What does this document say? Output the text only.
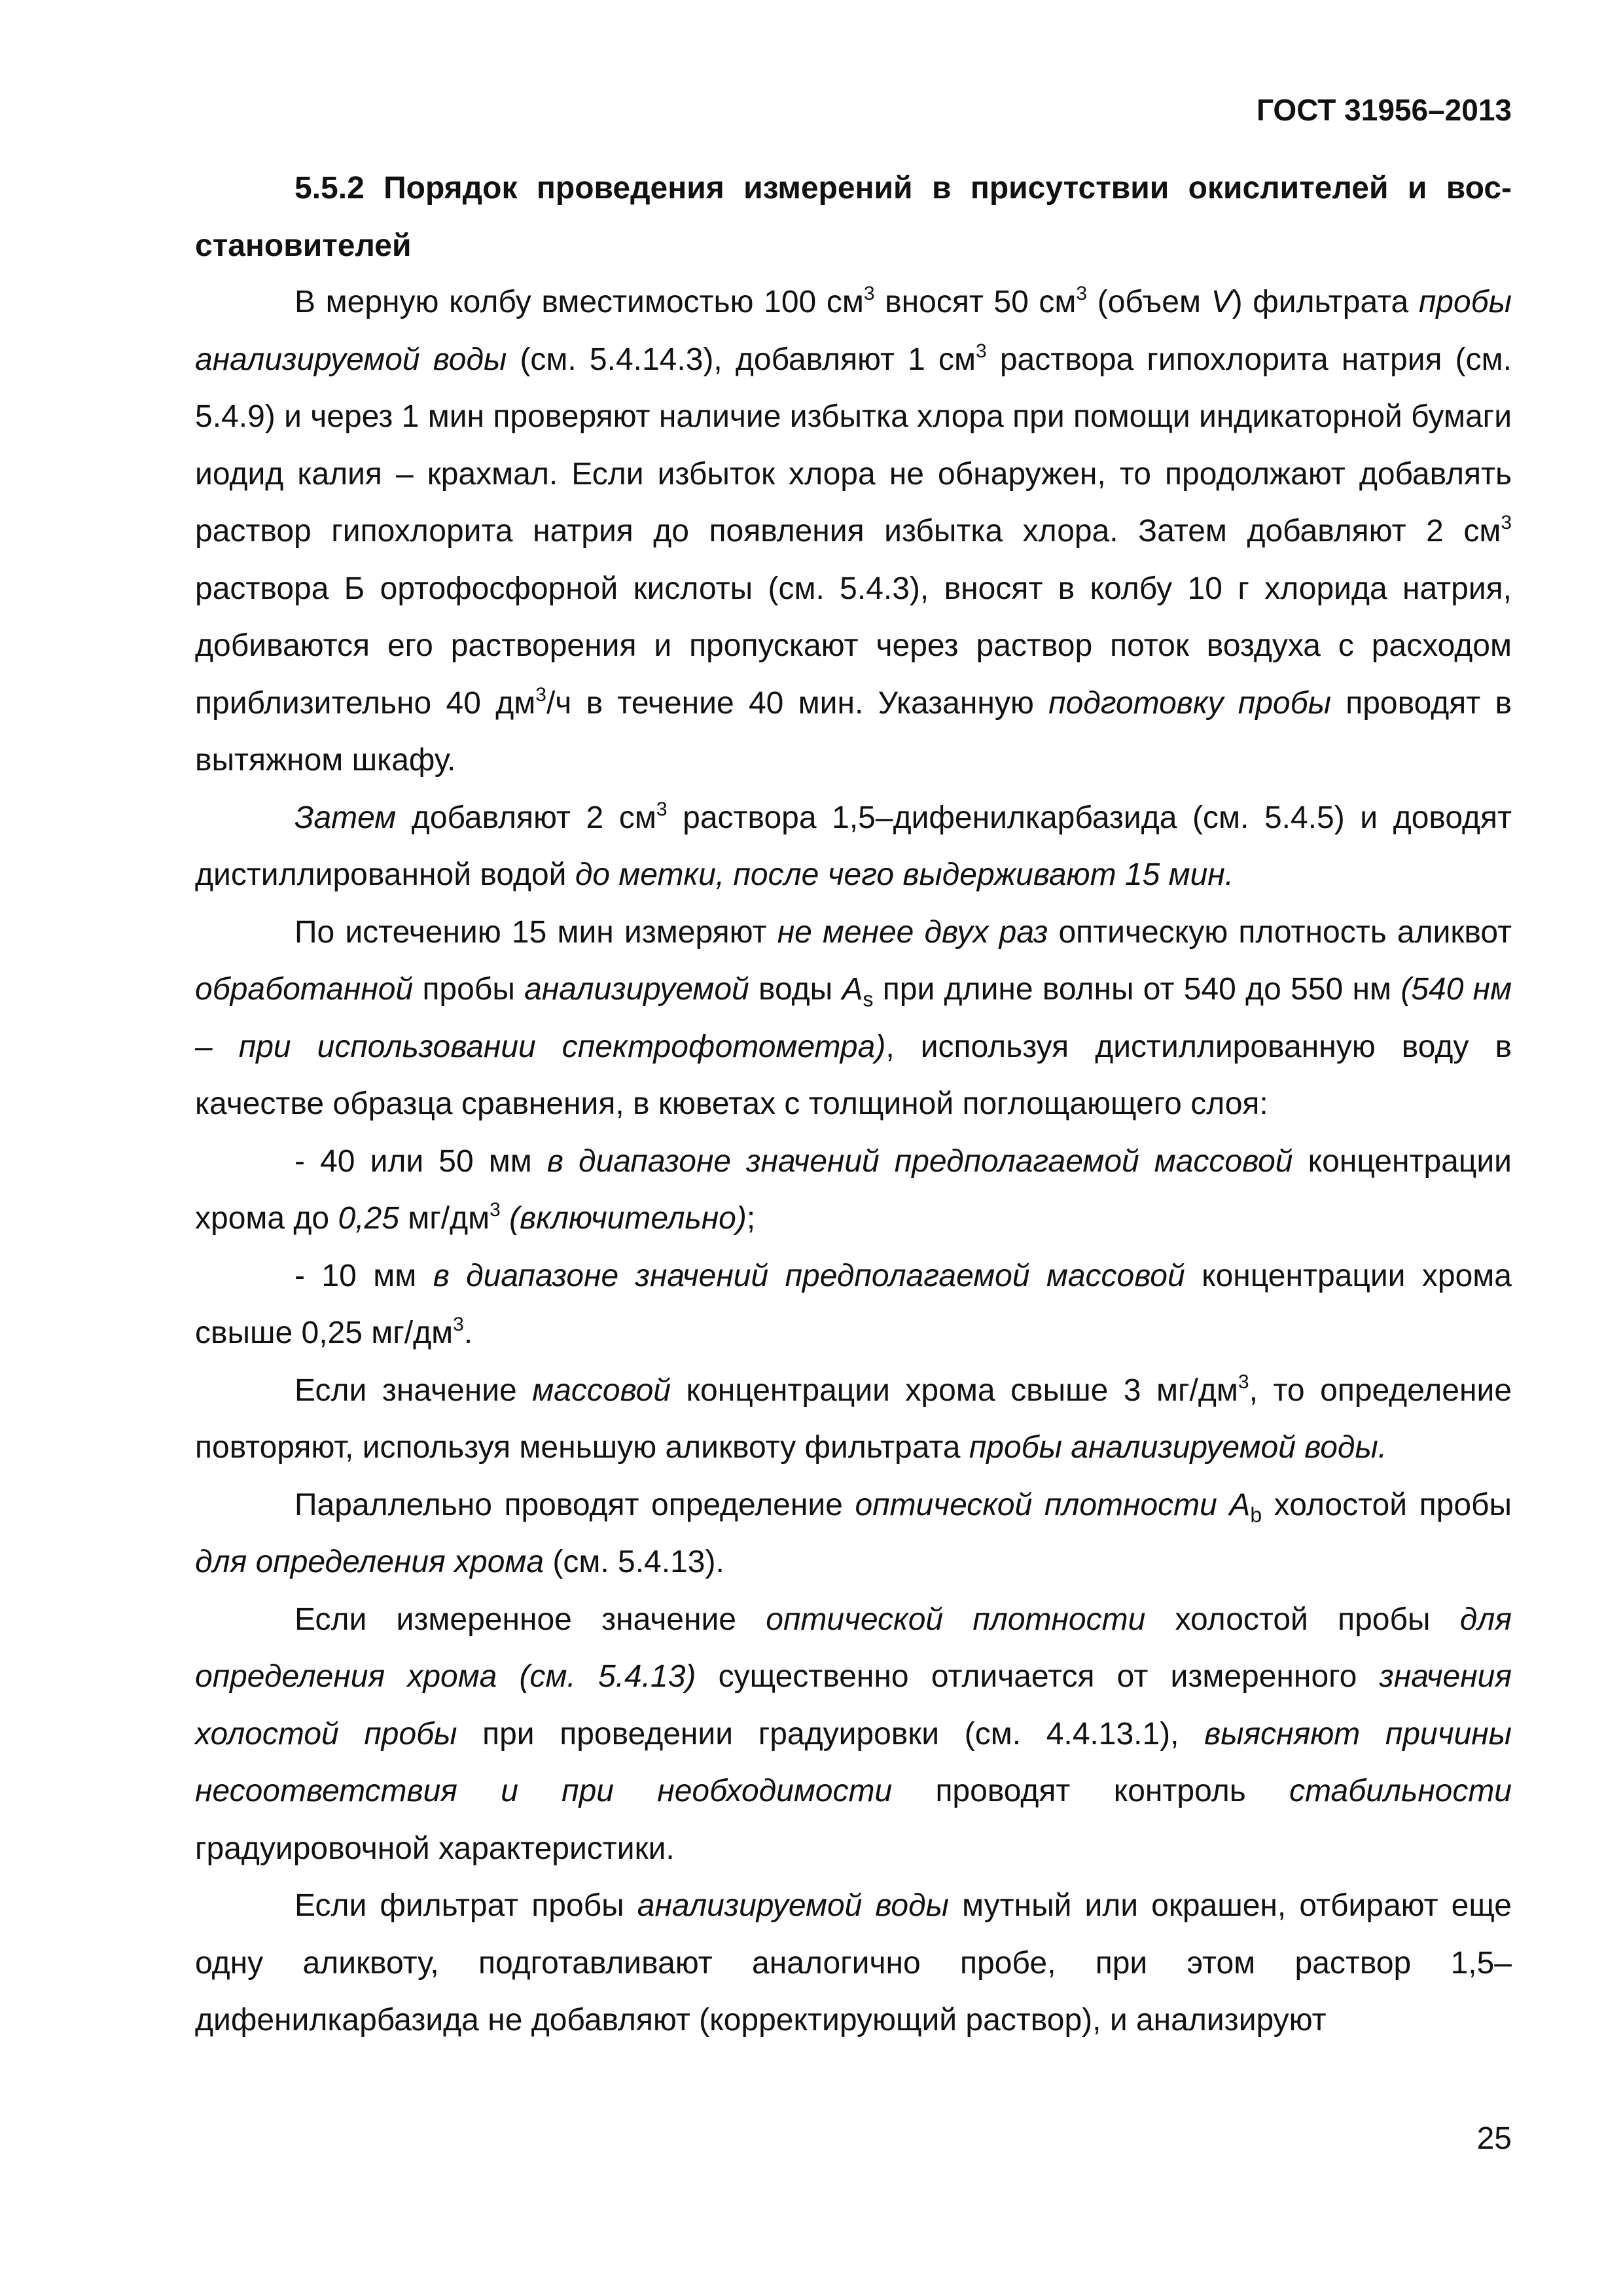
ГОСТ 31956–2013
5.5.2 Порядок проведения измерений в присутствии окислителей и вос-
становителей

В мерную колбу вместимостью 100 $см^3$ вносят 50 $см^3$ (объем V) фильтрата пробы анализируемой воды (см. 5.4.14.3), добавляют 1 $см^3$ раствора гипохлорита натрия (см. 5.4.9) и через 1 мин проверяют наличие избытка хлора при помощи индикаторной бумаги иодид калия – крахмал. Если избыток хлора не обнаружен, то продолжают добавлять раствор гипохлорита натрия до появления избытка хлора. Затем добавляют 2 $см^3$ раствора Б ортофосфорной кислоты (см. 5.4.3), вносят в колбу 10 г хлорида натрия, добиваются его растворения и пропускают через раствор поток воздуха с расходом приблизительно 40 $дм^3/ч$ в течение 40 мин. Указанную подготовку пробы проводят в вытяжном шкафу.

Затем добавляют 2 $см^3$ раствора 1,5–дифенилкарбазида (см. 5.4.5) и доводят дистиллированной водой до метки, после чего выдерживают 15 мин.

По истечению 15 мин измеряют не менее двух раз оптическую плотность аликвот обработанной пробы анализируемой воды $A_s$ при длине волны от 540 до 550 нм (540 нм – при использовании спектрофотометра), используя дистиллированную воду в качестве образца сравнения, в кюветах с толщиной поглощающего слоя:

- 40 или 50 мм в диапазоне значений предполагаемой массовой концентрации хрома до 0,25 $мг/дм^3$ (включительно);

- 10 мм в диапазоне значений предполагаемой массовой концентрации хрома свыше 0,25 $мг/дм^3$.

Если значение массовой концентрации хрома свыше 3 $мг/дм^3$, то определение повторяют, используя меньшую аликвоту фильтрата пробы анализируемой воды.

Параллельно проводят определение оптической плотности $A_b$ холостой пробы для определения хрома (см. 5.4.13).

Если измеренное значение оптической плотности холостой пробы для определения хрома (см. 5.4.13) существенно отличается от измеренного значения холостой пробы при проведении градуировки (см. 4.4.13.1), выясняют причины несоответствия и при необходимости проводят контроль стабильности градуировочной характеристики.

Если фильтрат пробы анализируемой воды мутный или окрашен, отбирают еще одну аликвоту, подготавливают аналогично пробе, при этом раствор 1,5–дифенилкарбазида не добавляют (корректирующий раствор), и анализируют

25
